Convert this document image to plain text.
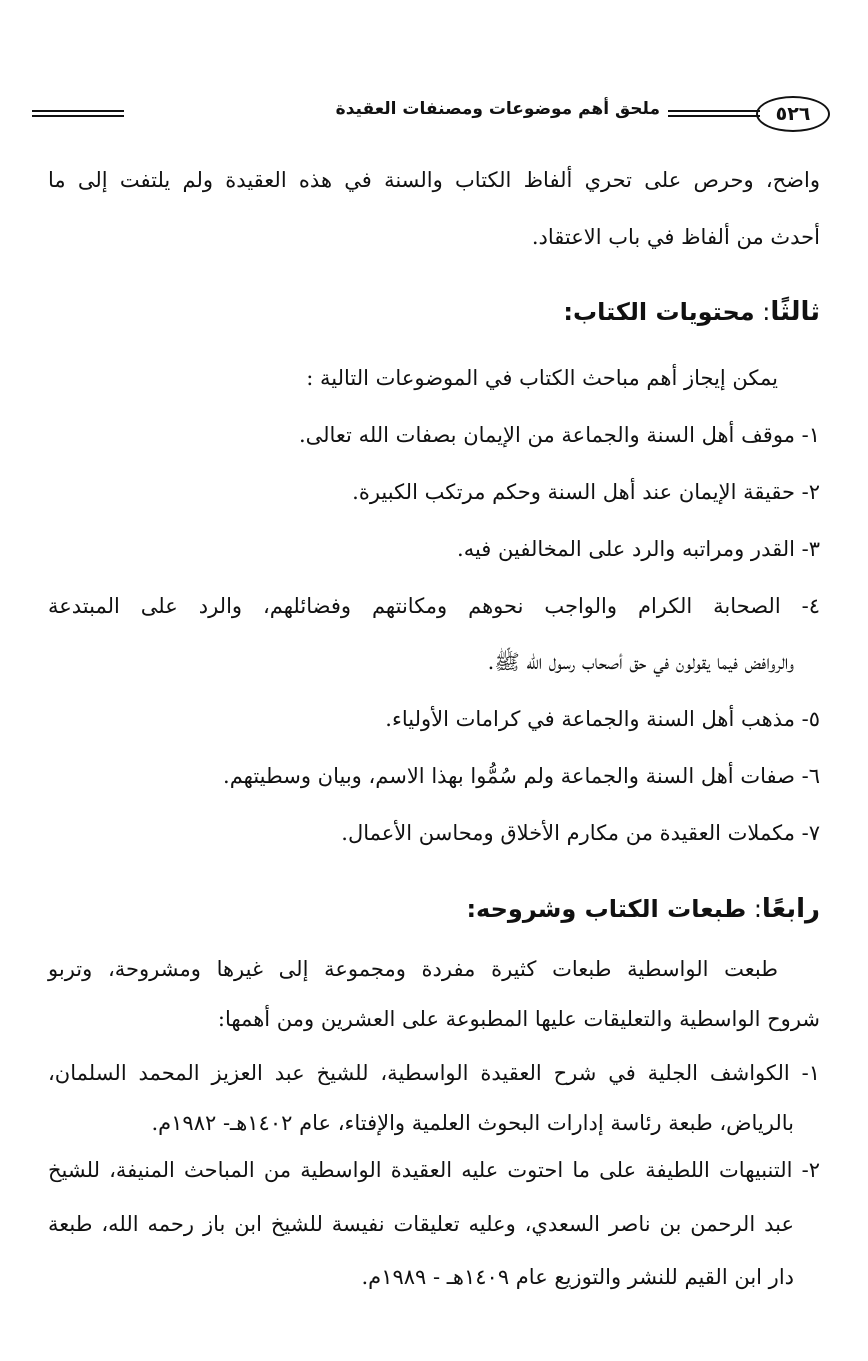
٥٢٦
ملحق أهم موضوعات ومصنفات العقيدة
واضح، وحرص على تحري ألفاظ الكتاب والسنة في هذه العقيدة ولم يلتفت إلى ما
أحدث من ألفاظ في باب الاعتقاد.
ثالثًا: محتويات الكتاب:
يمكن إيجاز أهم مباحث الكتاب في الموضوعات التالية :
١- موقف أهل السنة والجماعة من الإيمان بصفات الله تعالى.
٢- حقيقة الإيمان عند أهل السنة وحكم مرتكب الكبيرة.
٣- القدر ومراتبه والرد على المخالفين فيه.
٤- الصحابة الكرام والواجب نحوهم ومكانتهم وفضائلهم، والرد على المبتدعة
والروافض فيما يقولون في حق أصحاب رسول الله ﷺ.
٥- مذهب أهل السنة والجماعة في كرامات الأولياء.
٦- صفات أهل السنة والجماعة ولم سُمُّوا بهذا الاسم، وبيان وسطيتهم.
٧- مكملات العقيدة من مكارم الأخلاق ومحاسن الأعمال.
رابعًا: طبعات الكتاب وشروحه:
طبعت الواسطية طبعات كثيرة مفردة ومجموعة إلى غيرها ومشروحة، وتربو
شروح الواسطية والتعليقات عليها المطبوعة على العشرين ومن أهمها:
١- الكواشف الجلية في شرح العقيدة الواسطية، للشيخ عبد العزيز المحمد السلمان،
بالرياض، طبعة رئاسة إدارات البحوث العلمية والإفتاء، عام ١٤٠٢هـ- ١٩٨٢م.
٢- التنبيهات اللطيفة على ما احتوت عليه العقيدة الواسطية من المباحث المنيفة، للشيخ
عبد الرحمن بن ناصر السعدي، وعليه تعليقات نفيسة للشيخ ابن باز رحمه الله، طبعة
دار ابن القيم للنشر والتوزيع عام ١٤٠٩هـ - ١٩٨٩م.
